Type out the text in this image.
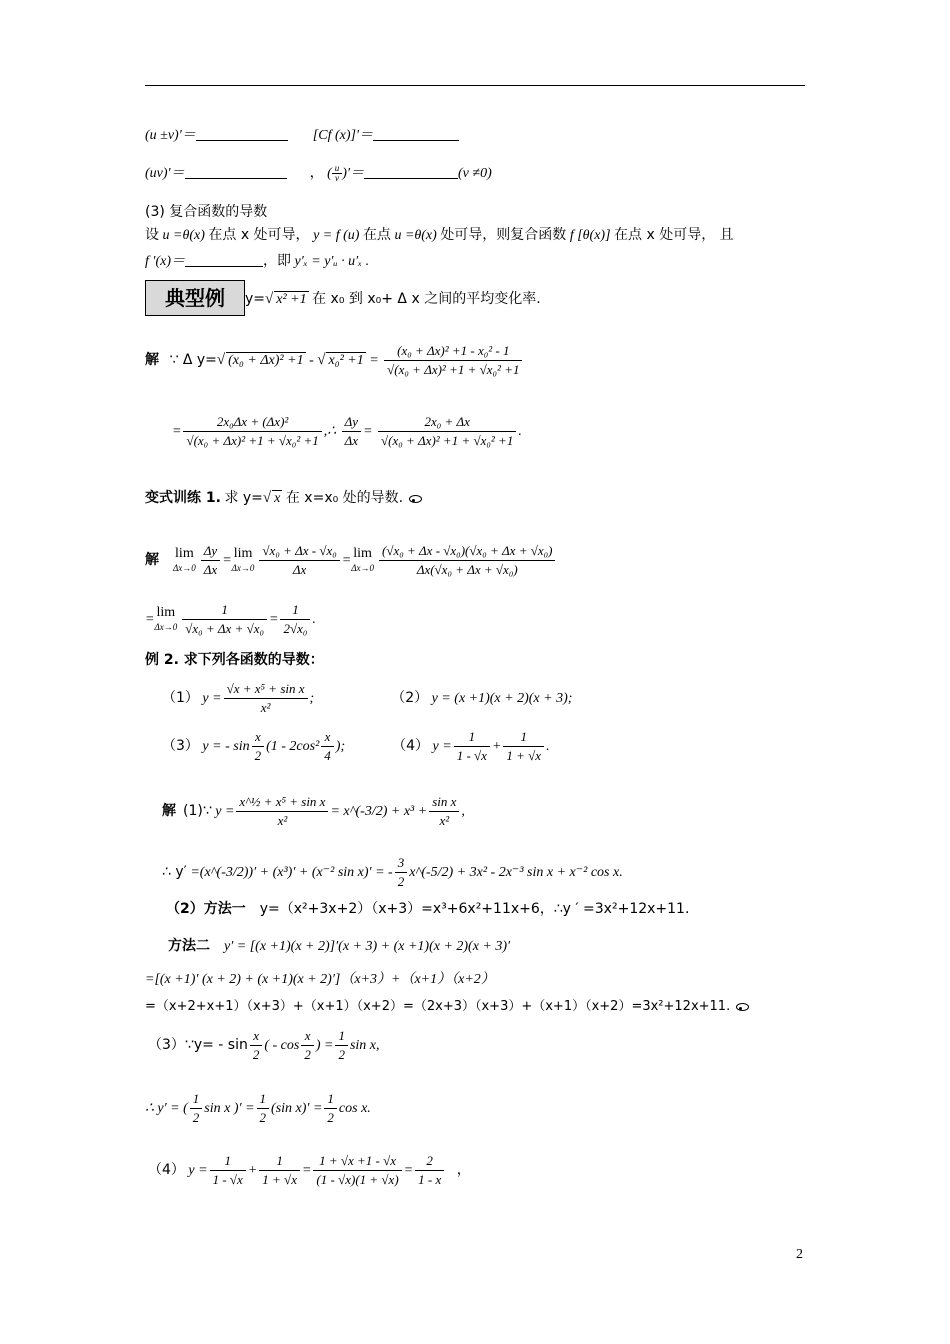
(u ±v)′＝	[Cf (x)]′＝
(uv)′＝	， ( $\frac{u}{v}$ )′＝	(v ≠0)
(3) 复合函数的导数
设 u =θ(x) 在点 x 处可导， y = f (u) 在点 u =θ(x) 处可导，则复合函数 f [θ(x)] 在点 x 处可导， 且
f ′(x)＝	，即 y′ₓ = y′ᵤ · u′ₓ .
典型例	y=√ x² +1 在 x₀ 到 x₀+ Δ x 之间的平均变化率.
解 ∵ Δ y=√ (x₀ + Δx)² +1 - √ $x_0^2 +1 = \frac{\text{(x₀ + Δx)² +1 - x₀² - 1}}{\text{√(x₀ + Δx)² +1 + √x₀² +1}}$
= $\frac{\text{2x₀Δx + (Δx)²}}{\text{√(x₀ + Δx)² +1 + √x₀² +1}}$ ,∴ $\frac{\Delta y}{\Delta x} = \frac{\text{2x₀ + Δx}}{\text{√(x₀ + Δx)² +1 + √x₀² +1}}$ .
变式训练 1. 求 y=√ x 在 x=x₀ 处的导数.
解 lim
$\Delta x\to 0 \frac{\Delta y}{\Delta x} = \lim$
$\Delta x\to 0 \frac{\text{√x₀ + Δx - √x₀}}{\Delta x} = \lim$
$\Delta x\to 0 \frac{\text{(√x₀ + Δx - √x₀)(√x₀ + Δx + √x₀)}}{\text{Δx(√x₀ + Δx + √x₀)}}$
= lim
$\Delta x\to 0 \frac{1}{\text{√x₀ + Δx + √x₀}} = \frac{1}{\text{2√x₀}}$ .
例 2. 求下列各函数的导数：
（1） $y = \frac{\text{√x + x⁵ + sin x}}{\text{x²}}$ ;	（2） y = (x +1)(x + 2)(x + 3);
（3） y = - $\sin \frac{x}{2} (1 - 2\cos^2 \frac{x}{4}$ );	（4） $y = \frac{1}{1 - √x} + \frac{1}{1 + √x}$ .
解 (1)∵ $y = \frac{\text{x\textasciicircum{}½ + x⁵ + sin x}}{\text{x²}}$ = x^(-3/2) + $x^3 + \frac{\text{sin x}}{\text{x²}}$ ,
∴ y′ =(x^(-3/2))′ + (x³)′ + (x⁻² sin x)′ = - $\frac{3}{2}$ x^(-5/2) + 3x² - 2x⁻³ sin x + x⁻² cos x.
（2）方法一 y=（x²+3x+2）（x+3）=x³+6x²+11x+6，∴y ′ =3x²+12x+11.
方法二 y′ = [(x +1)(x + 2)]′(x + 3) + (x +1)(x + 2)(x + 3)′
=[(x +1)′ (x + 2) + (x +1)(x + 2)′]（x+3）+（x+1）（x+2）
=（x+2+x+1）（x+3）+（x+1）（x+2）=（2x+3）（x+3）+（x+1）（x+2）=3x²+12x+11.
（3）∵y= - $\sin \frac{x}{2}$ ( - $\cos \frac{x}{2}$ ) = $\frac{1}{2}$ sin x,
∴ y′ = ( $\frac{1}{2}$ sin x )′ = $\frac{1}{2} (\sin$ $x)' = \frac{1}{2}$ cos x.
（4） $y = \frac{1}{1 - √x} + \frac{1}{1 + √x} = \frac{1 + √x +1 - √x}{(1 - √x)(1 + √x)} = \frac{2}{1 - x}$ ，
2
